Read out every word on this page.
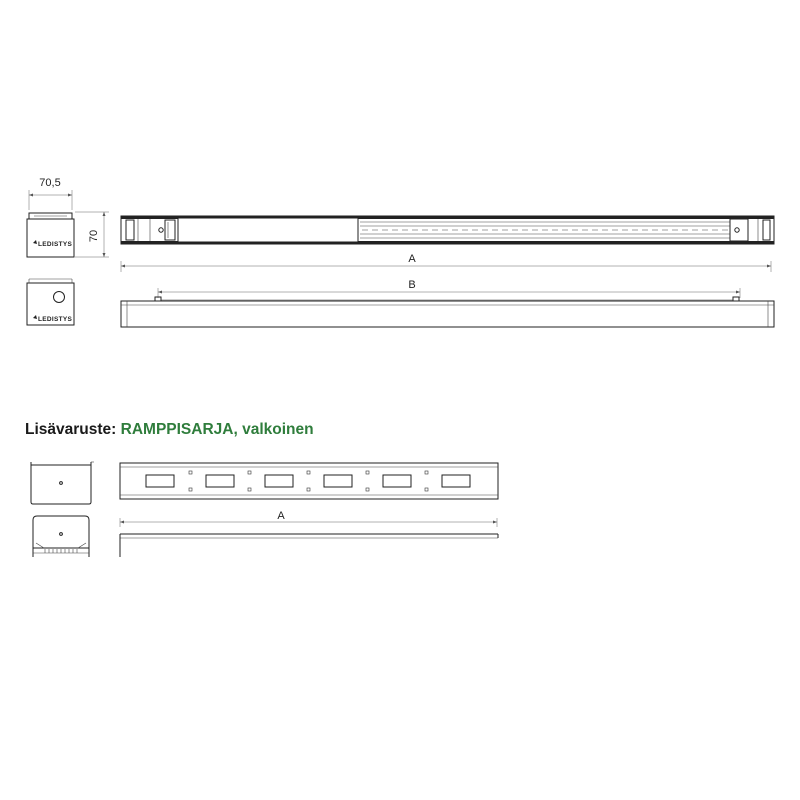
70,5
70
LEDISTYS
LEDISTYS
A
B
A
Lisävaruste: RAMPPISARJA, valkoinen
